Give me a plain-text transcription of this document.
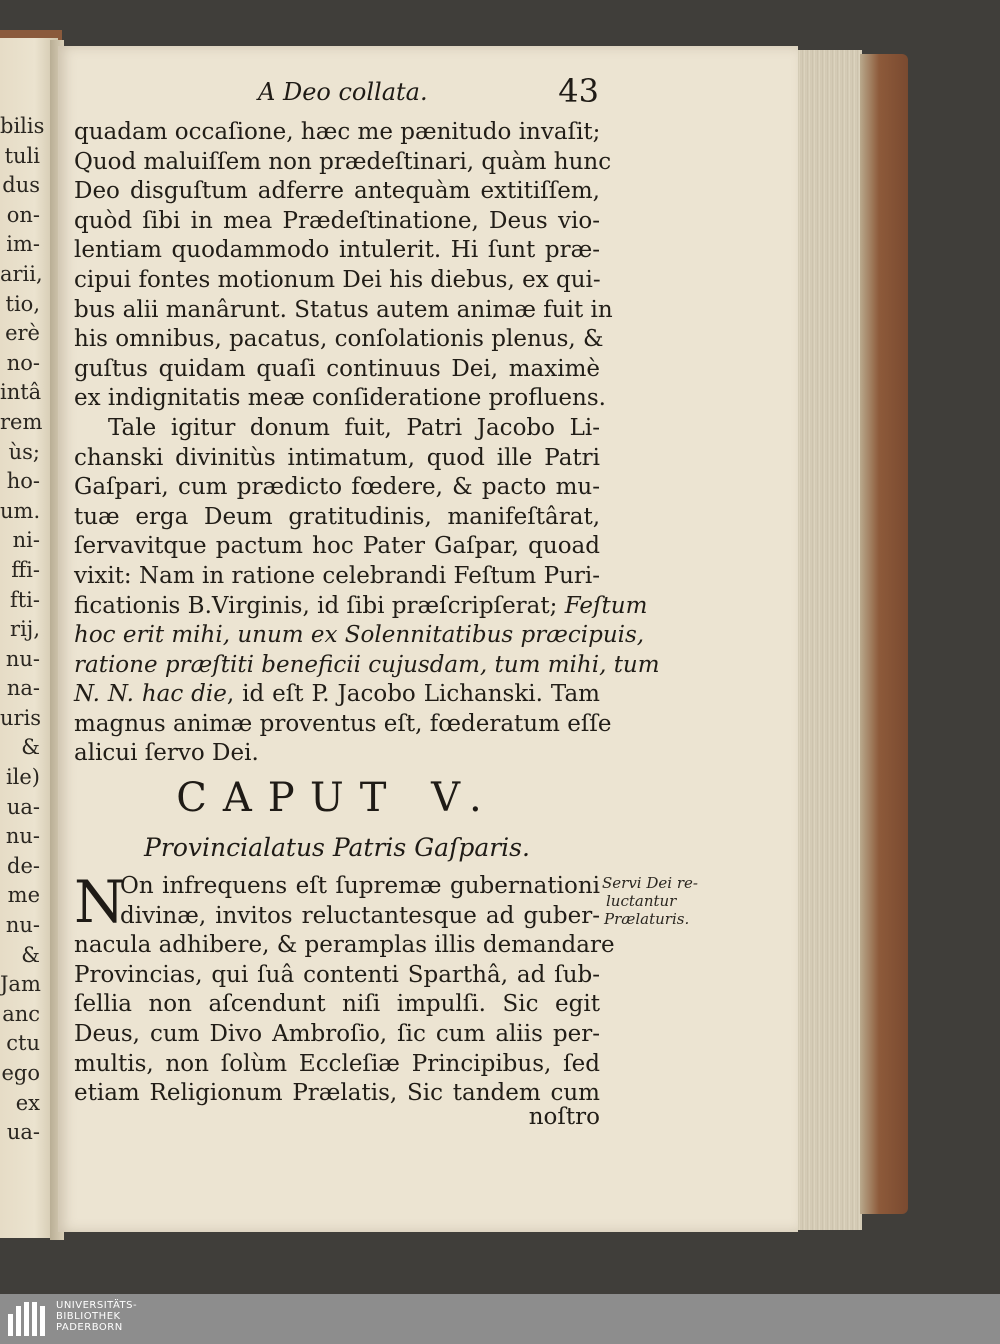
bilis
tuli
dus
on-
im-
arii,
tio,
erè
no-
intâ
rem
ùs;
ho-
um.
ni-
ffi-
fti-
rij,
nu-
na-
uris
&
ile)
ua-
nu-
de-
me
nu-
&
Jam
anc
ctu
ego
ex
ua-
A Deo collata.	43
quadam occaſione, hæc me pænitudo invaſit;
Quod maluiſſem non prædeſtinari, quàm hunc
Deo disguſtum adferre antequàm extitiſſem,
quòd ſibi in mea Prædeſtinatione, Deus vio-
lentiam quodammodo intulerit. Hi ſunt præ-
cipui fontes motionum Dei his diebus, ex qui-
bus alii manârunt. Status autem animæ fuit in
his omnibus, pacatus, conſolationis plenus, &
guſtus quidam quaſi continuus Dei, maximè
ex indignitatis meæ conſideratione profluens.
Tale igitur donum fuit, Patri Jacobo Li-
chanski divinitùs intimatum, quod ille Patri
Gaſpari, cum prædicto fœdere, & pacto mu-
tuæ erga Deum gratitudinis, manifeſtârat,
ſervavitque pactum hoc Pater Gaſpar, quoad
vixit: Nam in ratione celebrandi Feſtum Puri-
ficationis B.Virginis, id ſibi præſcripſerat; Feſtum
hoc erit mihi, unum ex Solennitatibus præcipuis,
ratione præſtiti beneficii cujusdam, tum mihi, tum
N. N. hac die, id eſt P. Jacobo Lichanski. Tam
magnus animæ proventus eſt, fœderatum eſſe
alicui ſervo Dei.
CAPUT V.
Provincialatus Patris Gaſparis.
N
On infrequens eſt ſupremæ gubernationi
divinæ, invitos reluctantesque ad guber-
nacula adhibere, & peramplas illis demandare
Provincias, qui ſuâ contenti Sparthâ, ad ſub-
ſellia non aſcendunt niſi impulſi. Sic egit
Deus, cum Divo Ambroſio, ſic cum aliis per-
multis, non ſolùm Eccleſiæ Principibus, ſed
etiam Religionum Prælatis, Sic tandem cum
noſtro
Servi Dei re-
luctantur
Prælaturis.
UNIVERSITÄTS-
BIBLIOTHEK
PADERBORN
